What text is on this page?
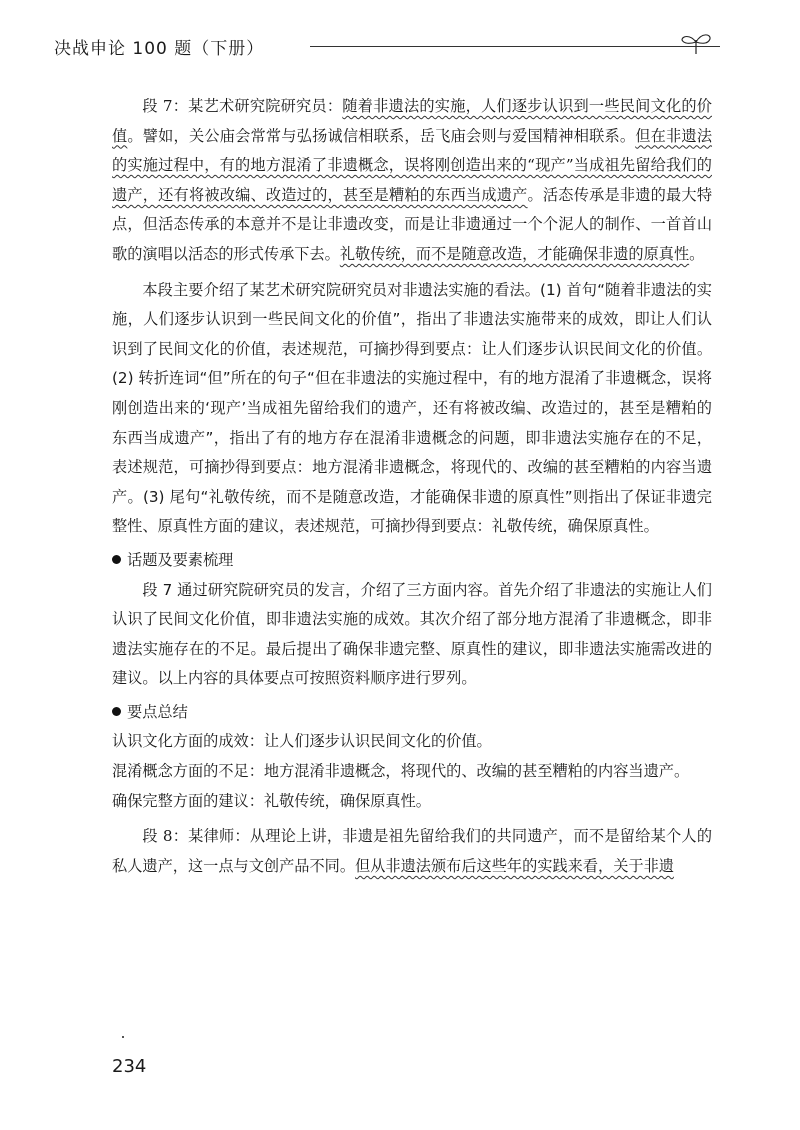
决战申论 100 题（下册）

段 7：某艺术研究院研究员：随着非遗法的实施，人们逐步认识到一些民间文化的价值。譬如，关公庙会常常与弘扬诚信相联系，岳飞庙会则与爱国精神相联系。但在非遗法的实施过程中，有的地方混淆了非遗概念，误将刚创造出来的“现产”当成祖先留给我们的遗产，还有将被改编、改造过的，甚至是糟粕的东西当成遗产。活态传承是非遗的最大特点，但活态传承的本意并不是让非遗改变，而是让非遗通过一个个泥人的制作、一首首山歌的演唱以活态的形式传承下去。礼敬传统，而不是随意改造，才能确保非遗的原真性。

本段主要介绍了某艺术研究院研究员对非遗法实施的看法。(1) 首句“随着非遗法的实施，人们逐步认识到一些民间文化的价值”，指出了非遗法实施带来的成效，即让人们认识到了民间文化的价值，表述规范，可摘抄得到要点：让人们逐步认识民间文化的价值。(2) 转折连词“但”所在的句子“但在非遗法的实施过程中，有的地方混淆了非遗概念，误将刚创造出来的‘现产’当成祖先留给我们的遗产，还有将被改编、改造过的，甚至是糟粕的东西当成遗产”，指出了有的地方存在混淆非遗概念的问题，即非遗法实施存在的不足，表述规范，可摘抄得到要点：地方混淆非遗概念，将现代的、改编的甚至糟粕的内容当遗产。(3) 尾句“礼敬传统，而不是随意改造，才能确保非遗的原真性”则指出了保证非遗完整性、原真性方面的建议，表述规范，可摘抄得到要点：礼敬传统，确保原真性。

话题及要素梳理

段 7 通过研究院研究员的发言，介绍了三方面内容。首先介绍了非遗法的实施让人们认识了民间文化价值，即非遗法实施的成效。其次介绍了部分地方混淆了非遗概念，即非遗法实施存在的不足。最后提出了确保非遗完整、原真性的建议，即非遗法实施需改进的建议。以上内容的具体要点可按照资料顺序进行罗列。

要点总结

认识文化方面的成效：让人们逐步认识民间文化的价值。

混淆概念方面的不足：地方混淆非遗概念，将现代的、改编的甚至糟粕的内容当遗产。

确保完整方面的建议：礼敬传统，确保原真性。

段 8：某律师：从理论上讲，非遗是祖先留给我们的共同遗产，而不是留给某个人的私人遗产，这一点与文创产品不同。但从非遗法颁布后这些年的实践来看，关于非遗

234
